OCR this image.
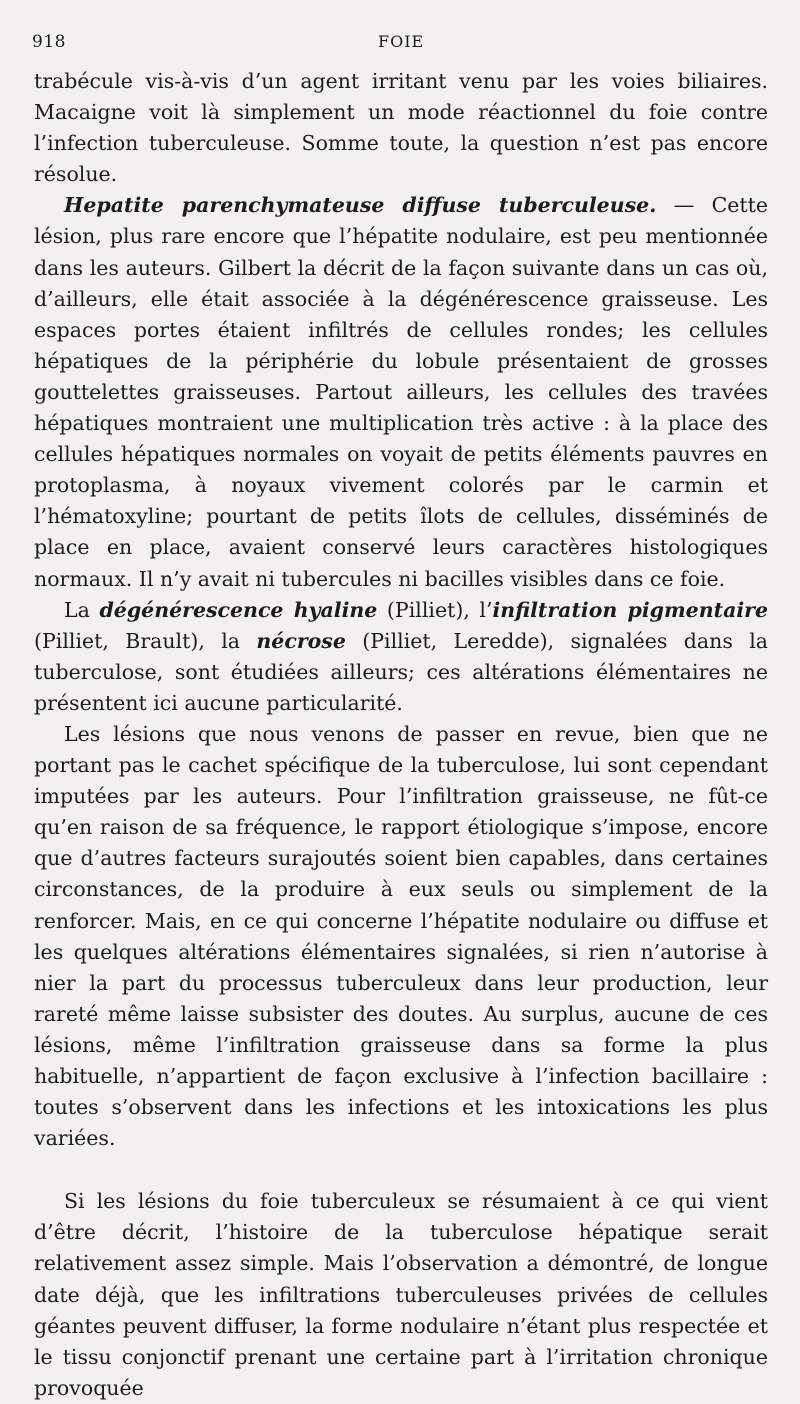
918	FOIE

trabécule vis-à-vis d’un agent irritant venu par les voies biliaires. Macaigne voit là simplement un mode réactionnel du foie contre l’infection tuberculeuse. Somme toute, la question n’est pas encore résolue.

Hepatite parenchymateuse diffuse tuberculeuse. — Cette lésion, plus rare encore que l’hépatite nodulaire, est peu mentionnée dans les auteurs. Gilbert la décrit de la façon suivante dans un cas où, d’ailleurs, elle était associée à la dégénérescence graisseuse. Les espaces portes étaient infiltrés de cellules rondes; les cellules hépatiques de la périphérie du lobule présentaient de grosses gouttelettes graisseuses. Partout ailleurs, les cellules des travées hépatiques montraient une multiplication très active : à la place des cellules hépatiques normales on voyait de petits éléments pauvres en protoplasma, à noyaux vivement colorés par le carmin et l’hématoxyline; pourtant de petits îlots de cellules, disséminés de place en place, avaient conservé leurs caractères histologiques normaux. Il n’y avait ni tubercules ni bacilles visibles dans ce foie.

La dégénérescence hyaline (Pilliet), l’infiltration pigmentaire (Pilliet, Brault), la nécrose (Pilliet, Leredde), signalées dans la tuberculose, sont étudiées ailleurs; ces altérations élémentaires ne présentent ici aucune particularité.

Les lésions que nous venons de passer en revue, bien que ne portant pas le cachet spécifique de la tuberculose, lui sont cependant imputées par les auteurs. Pour l’infiltration graisseuse, ne fût-ce qu’en raison de sa fréquence, le rapport étiologique s’impose, encore que d’autres facteurs surajoutés soient bien capables, dans certaines circonstances, de la produire à eux seuls ou simplement de la renforcer. Mais, en ce qui concerne l’hépatite nodulaire ou diffuse et les quelques altérations élémentaires signalées, si rien n’autorise à nier la part du processus tuberculeux dans leur production, leur rareté même laisse subsister des doutes. Au surplus, aucune de ces lésions, même l’infiltration graisseuse dans sa forme la plus habituelle, n’appartient de façon exclusive à l’infection bacillaire : toutes s’observent dans les infections et les intoxications les plus variées.

Si les lésions du foie tuberculeux se résumaient à ce qui vient d’être décrit, l’histoire de la tuberculose hépatique serait relativement assez simple. Mais l’observation a démontré, de longue date déjà, que les infiltrations tuberculeuses privées de cellules géantes peuvent diffuser, la forme nodulaire n’étant plus respectée et le tissu conjonctif prenant une certaine part à l’irritation chronique provoquée
